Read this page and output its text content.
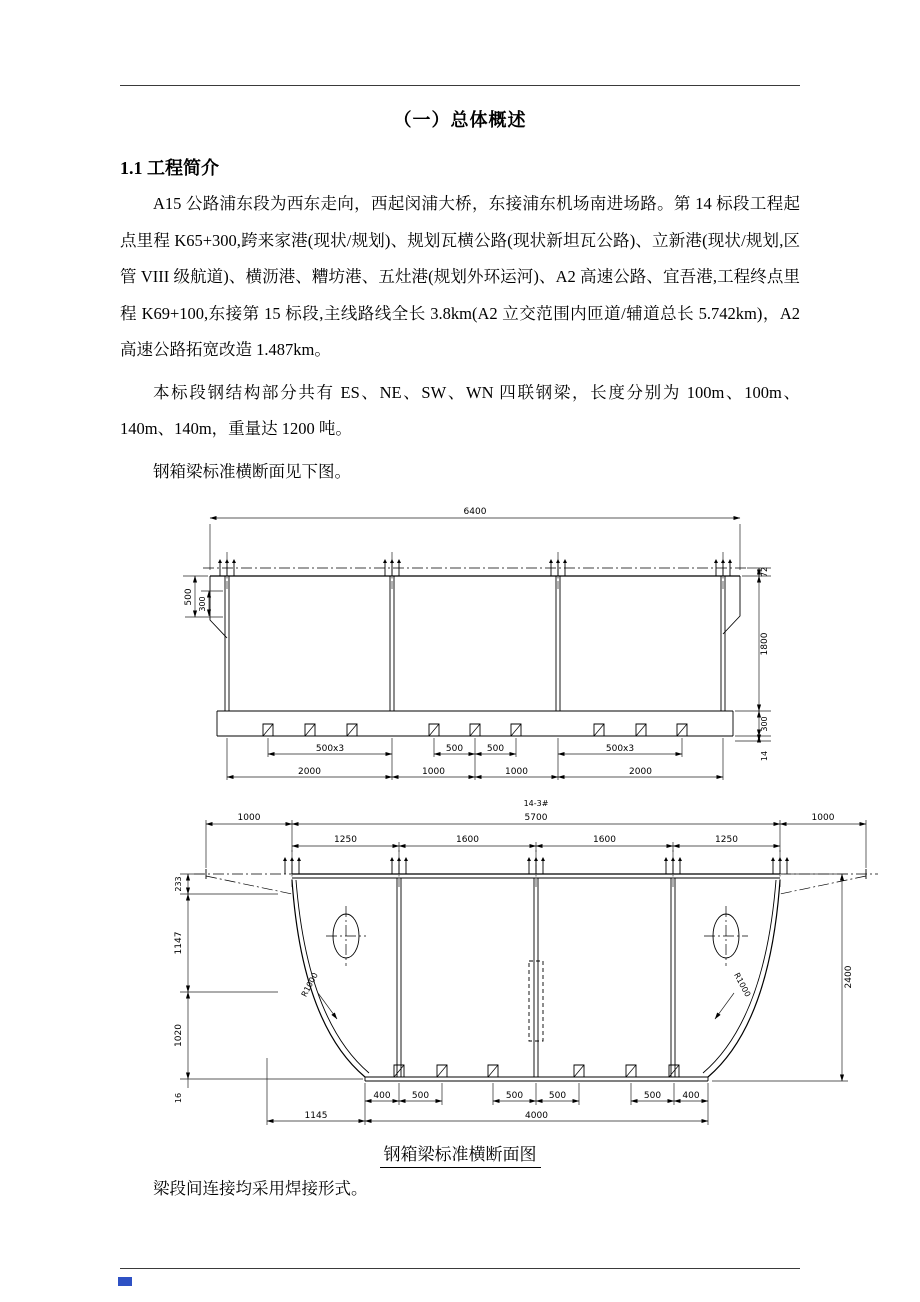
（一）总体概述
1.1 工程简介

A15 公路浦东段为西东走向，西起闵浦大桥，东接浦东机场南进场路。第 14 标段工程起点里程 K65+300,跨来家港(现状/规划)、规划瓦横公路(现状新坦瓦公路)、立新港(现状/规划,区管 VIII 级航道)、横沥港、糟坊港、五灶港(规划外环运河)、A2 高速公路、宜吾港,工程终点里程 K69+100,东接第 15 标段,主线路线全长 3.8km(A2 立交范围内匝道/辅道总长 5.742km)，A2 高速公路拓宽改造 1.487km。

本标段钢结构部分共有 ES、NE、SW、WN 四联钢梁，长度分别为 100m、100m、140m、140m，重量达 1200 吨。

钢箱梁标准横断面见下图。

6400
500 300
72
1800
300
14
500x3	500	500	500x3
2000	1000	1000	2000
14-3#
1000	5700	1000
1250	1600	1600	1250
233
1147
1020
16
2400
R1000	R1000
400 500	500	500	500 400
1145	4000
钢箱梁标准横断面图

梁段间连接均采用焊接形式。
